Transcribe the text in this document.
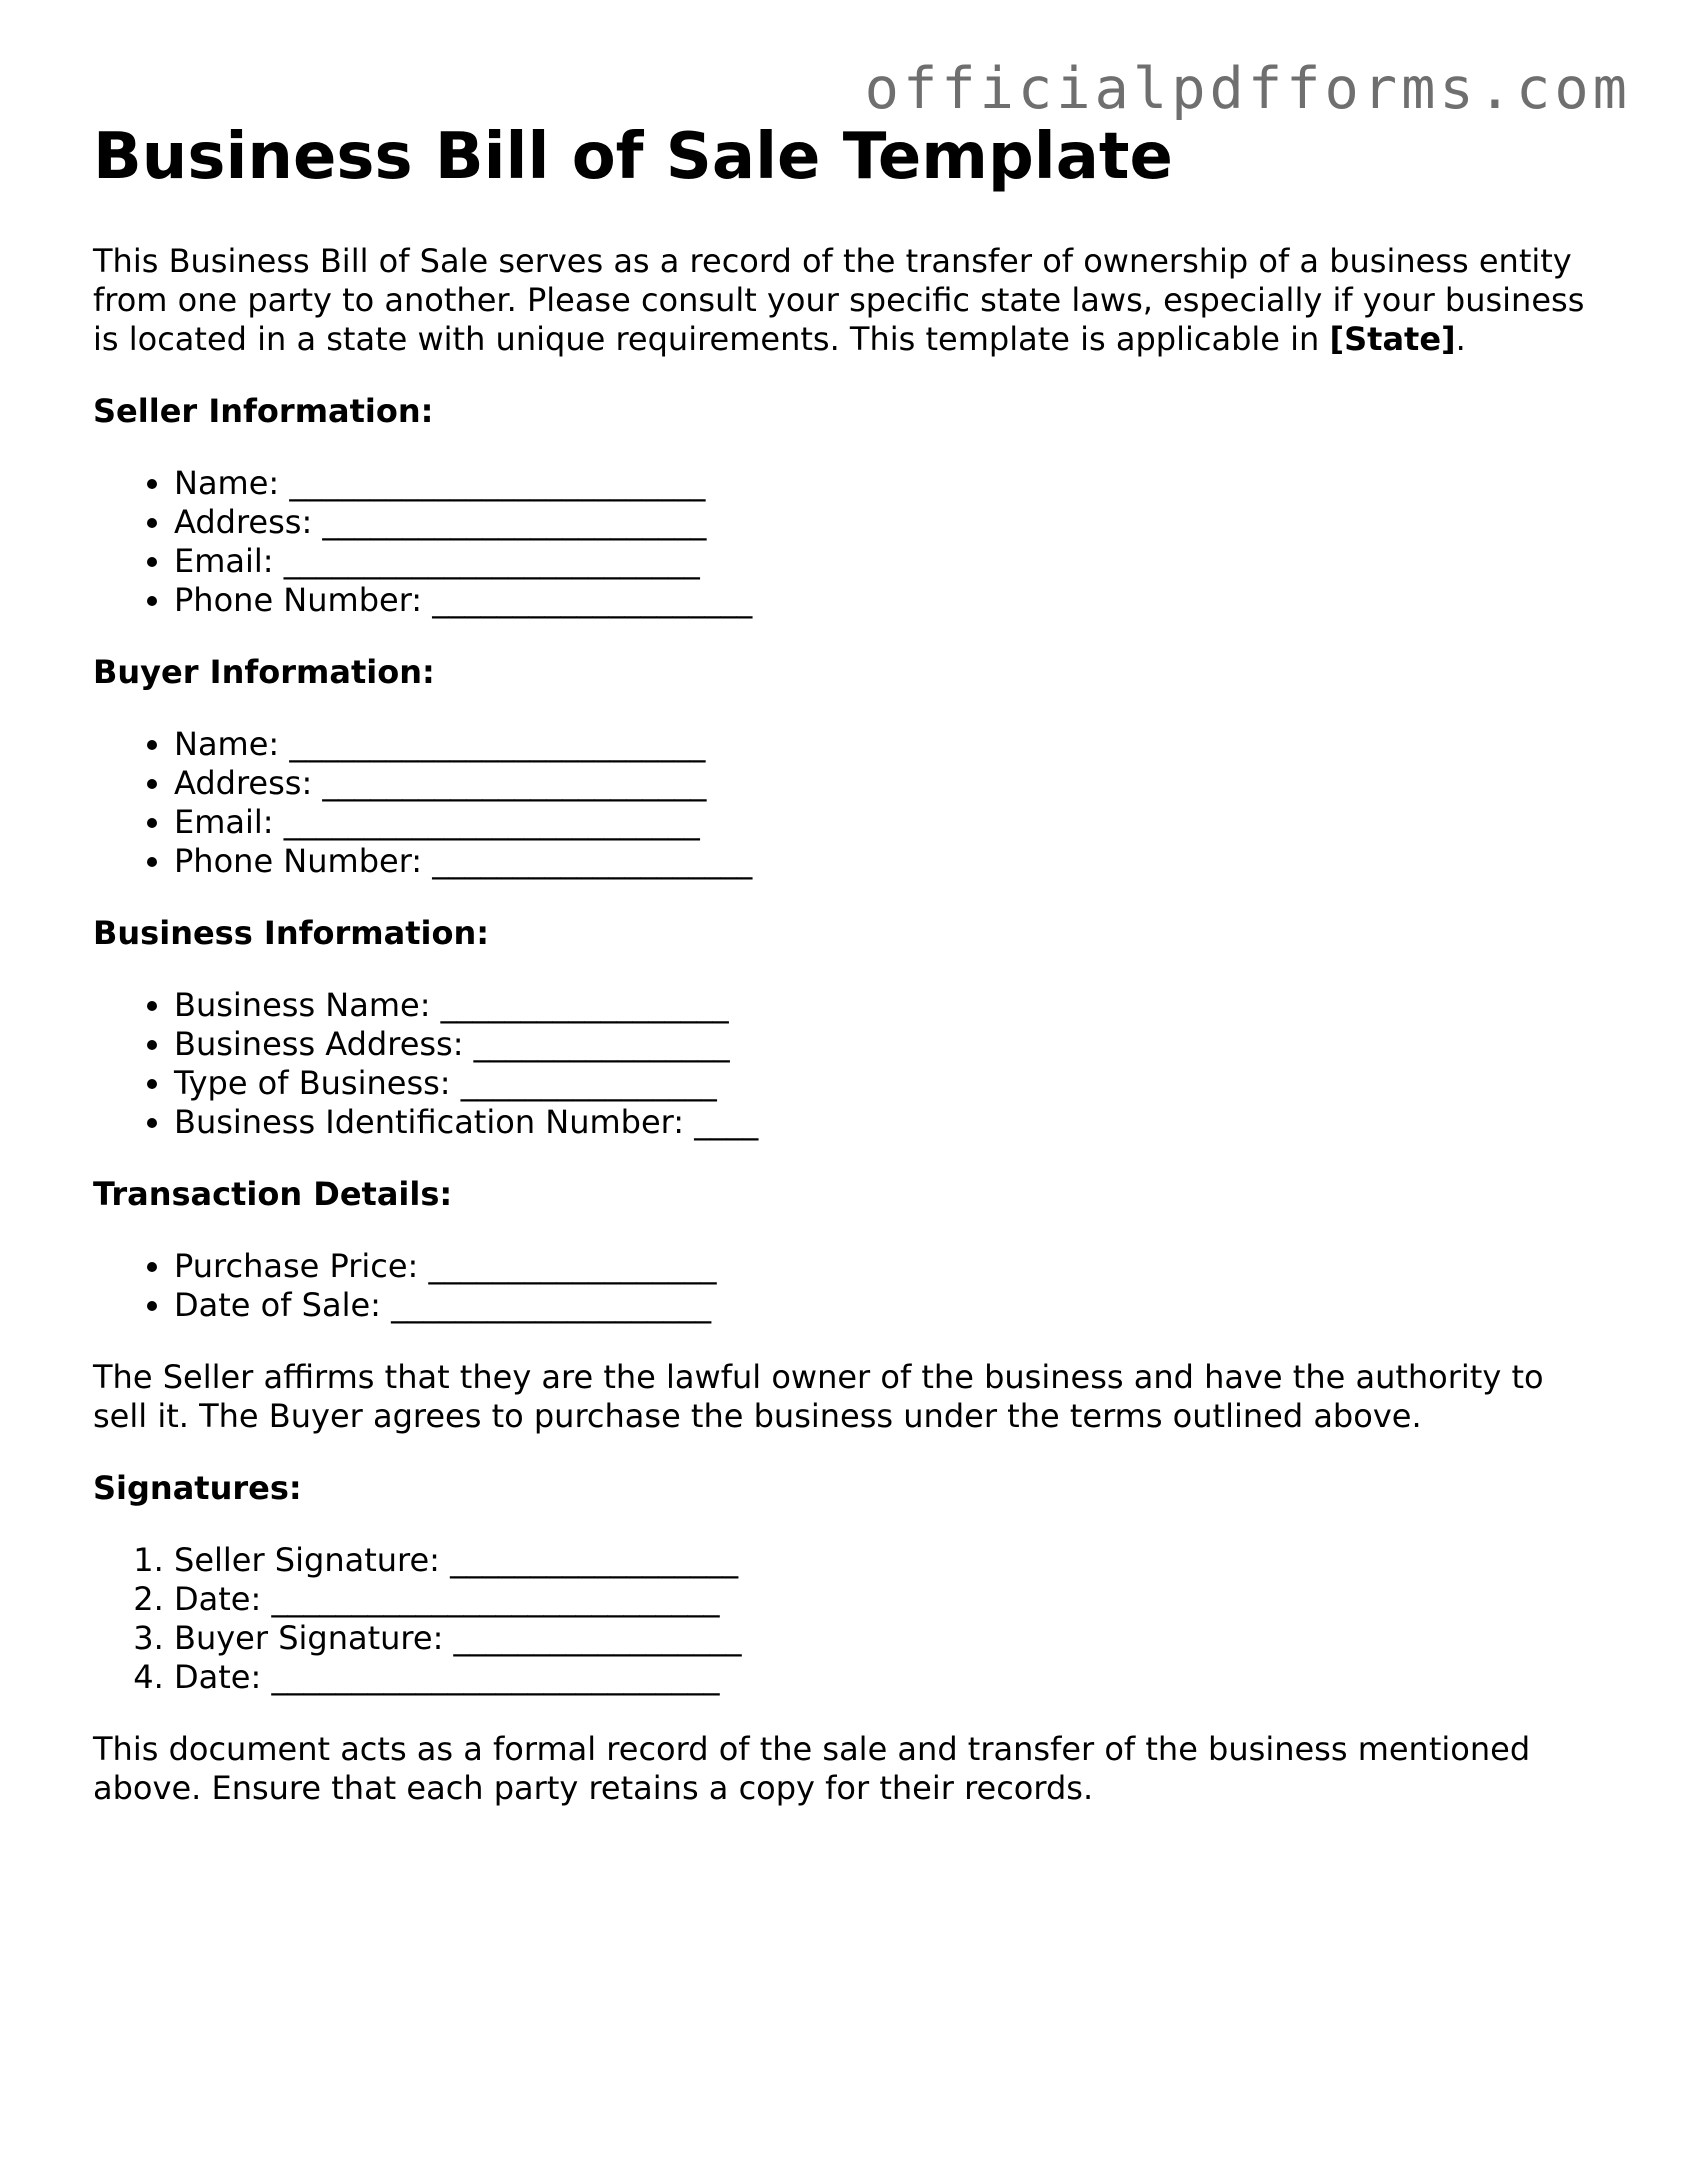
officialpdfforms.com
Business Bill of Sale Template

This Business Bill of Sale serves as a record of the transfer of ownership of a business entity from one party to another. Please consult your specific state laws, especially if your business is located in a state with unique requirements. This template is applicable in [State].

Seller Information:
• Name: __________________________
• Address: ________________________
• Email: __________________________
• Phone Number: ____________________
Buyer Information:
• Name: __________________________
• Address: ________________________
• Email: __________________________
• Phone Number: ____________________
Business Information:
• Business Name: __________________
• Business Address: ________________
• Type of Business: ________________
• Business Identification Number: ____
Transaction Details:
• Purchase Price: __________________
• Date of Sale: ____________________

The Seller affirms that they are the lawful owner of the business and have the authority to sell it. The Buyer agrees to purchase the business under the terms outlined above.

Signatures:
1. Seller Signature: __________________
2. Date: ____________________________
3. Buyer Signature: __________________
4. Date: ____________________________

This document acts as a formal record of the sale and transfer of the business mentioned above. Ensure that each party retains a copy for their records.
